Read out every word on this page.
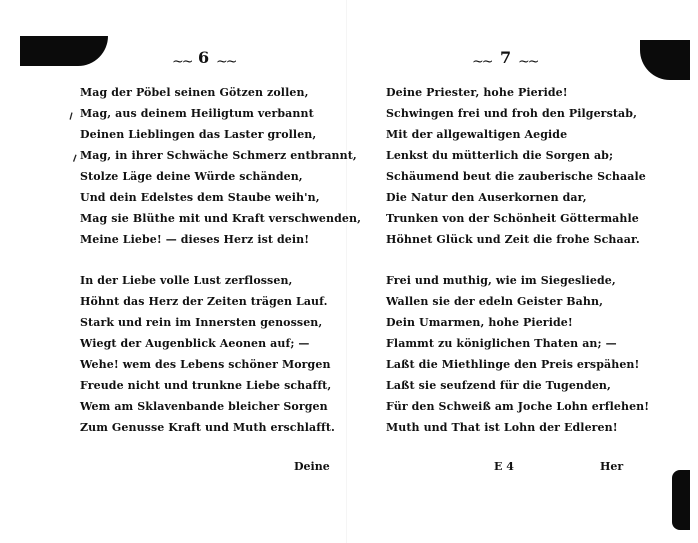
⸝
⸝
~~ 6 ~~
Mag der Pöbel seinen Götzen zollen,
Mag, aus deinem Heiligtum verbannt
Deinen Lieblingen das Laster grollen,
Mag, in ihrer Schwäche Schmerz entbrannt,
Stolze Läge deine Würde schänden,
Und dein Edelstes dem Staube weih'n,
Mag sie Blüthe mit und Kraft verschwenden,
Meine Liebe! — dieses Herz ist dein!
In der Liebe volle Lust zerflossen,
Höhnt das Herz der Zeiten trägen Lauf.
Stark und rein im Innersten genossen,
Wiegt der Augenblick Aeonen auf; —
Wehe! wem des Lebens schöner Morgen
Freude nicht und trunkne Liebe schafft,
Wem am Sklavenbande bleicher Sorgen
Zum Genusse Kraft und Muth erschlafft.
~~ 7 ~~
Deine Priester, hohe Pieride!
Schwingen frei und froh den Pilgerstab,
Mit der allgewaltigen Aegide
Lenkst du mütterlich die Sorgen ab;
Schäumend beut die zauberische Schaale
Die Natur den Auserkornen dar,
Trunken von der Schönheit Göttermahle
Höhnet Glück und Zeit die frohe Schaar.
Frei und muthig, wie im Siegesliede,
Wallen sie der edeln Geister Bahn,
Dein Umarmen, hohe Pieride!
Flammt zu königlichen Thaten an; —
Laßt die Miethlinge den Preis erspähen!
Laßt sie seufzend für die Tugenden,
Für den Schweiß am Joche Lohn erflehen!
Muth und That ist Lohn der Edleren!
Deine	E 4	Her
